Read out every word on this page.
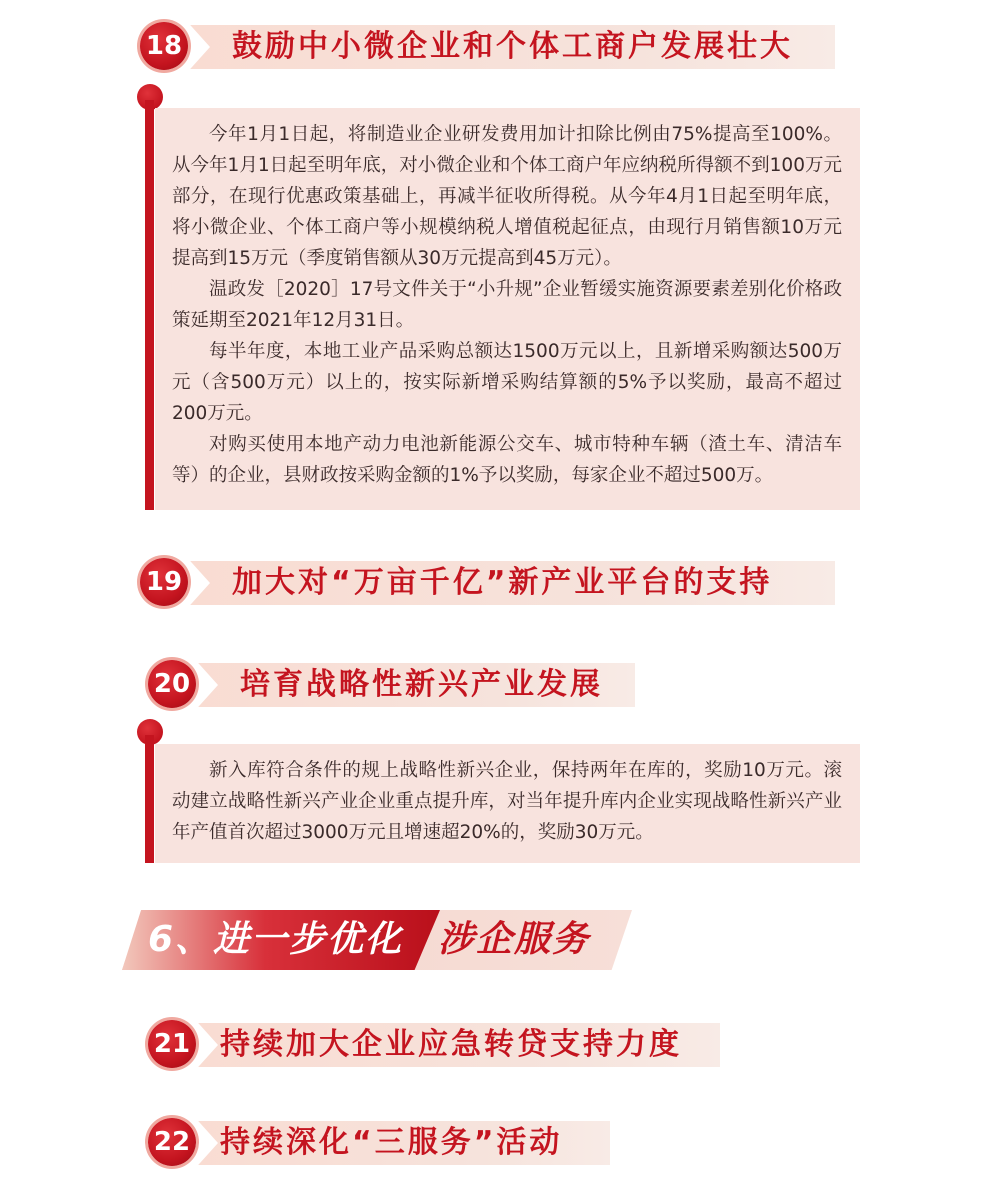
18 鼓励中小微企业和个体工商户发展壮大

今年1月1日起，将制造业企业研发费用加计扣除比例由75%提高至100%。从今年1月1日起至明年底，对小微企业和个体工商户年应纳税所得额不到100万元部分，在现行优惠政策基础上，再减半征收所得税。从今年4月1日起至明年底，将小微企业、个体工商户等小规模纳税人增值税起征点，由现行月销售额10万元提高到15万元（季度销售额从30万元提高到45万元）。

温政发［2020］17号文件关于“小升规”企业暂缓实施资源要素差别化价格政策延期至2021年12月31日。

每半年度，本地工业产品采购总额达1500万元以上，且新增采购额达500万元（含500万元）以上的，按实际新增采购结算额的5%予以奖励，最高不超过200万元。

对购买使用本地产动力电池新能源公交车、城市特种车辆（渣土车、清洁车等）的企业，县财政按采购金额的1%予以奖励，每家企业不超过500万。

19 加大对“万亩千亿”新产业平台的支持
20 培育战略性新兴产业发展

新入库符合条件的规上战略性新兴企业，保持两年在库的，奖励10万元。滚动建立战略性新兴产业企业重点提升库，对当年提升库内企业实现战略性新兴产业年产值首次超过3000万元且增速超20%的，奖励30万元。

6、进一步优化 涉企服务
21 持续加大企业应急转贷支持力度
22 持续深化“三服务”活动
